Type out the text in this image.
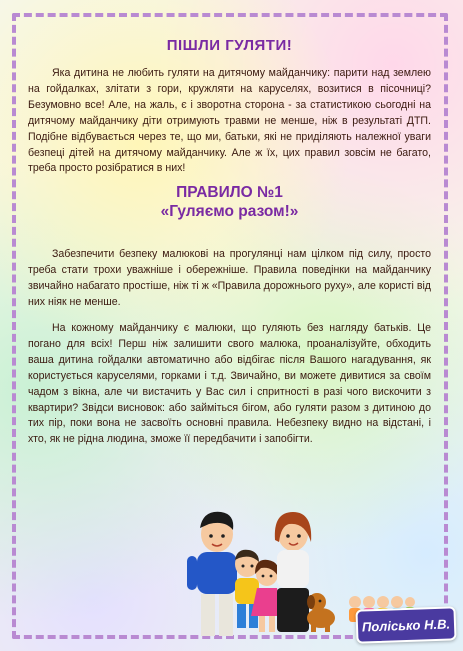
ПІШЛИ ГУЛЯТИ!

Яка дитина не любить гуляти на дитячому майданчику: парити над землею на гойдалках, злітати з гори, кружляти на каруселях, возитися в пісочниці? Безумовно все! Але, на жаль, є і зворотна сторона - за статистикою сьогодні на дитячому майданчику діти отримують травми не менше, ніж в результаті ДТП. Подібне відбувається через те, що ми, батьки, які не приділяють належної уваги безпеці дітей на дитячому майданчику. Але ж їх, цих правил зовсім не багато, треба просто розібратися в них!

ПРАВИЛО №1
«Гуляємо разом!»

Забезпечити безпеку малюкові на прогулянці нам цілком під силу, просто треба стати трохи уважніше і обережніше. Правила поведінки на майданчику звичайно набагато простіше, ніж ті ж «Правила дорожнього руху», але користі від них ніяк не менше.

На кожному майданчику є малюки, що гуляють без нагляду батьків. Це погано для всіх! Перш ніж залишити свого малюка, проаналізуйте, обходить ваша дитина гойдалки автоматично або відбігає після Вашого нагадування, як користується каруселями, горками і т.д. Звичайно, ви можете дивитися за своїм чадом з вікна, але чи вистачить у Вас сил і спритності в разі чого вискочити з квартири? Звідси висновок: або займіться бігом, або гуляти разом з дитиною до тих пір, поки вона не засвоїть основні правила. Небезпеку видно на відстані, і хто, як не рідна людина, зможе її передбачити і запобігти.

Поліcько Н.В.
